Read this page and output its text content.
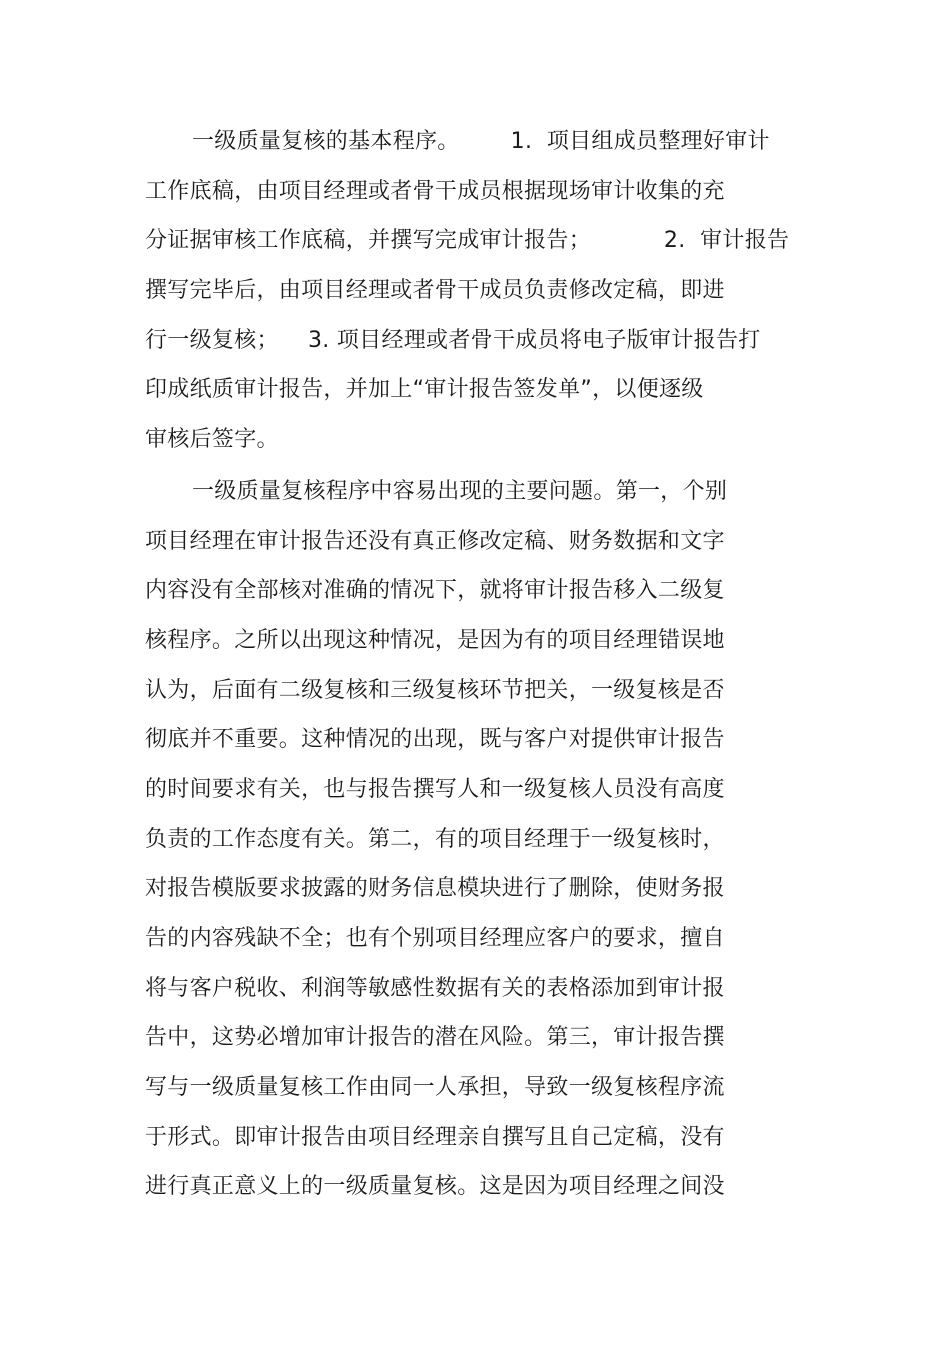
一级质量复核的基本程序。       1.  项目组成员整理好审计
工作底稿，由项目经理或者骨干成员根据现场审计收集的充
分证据审核工作底稿，并撰写完成审计报告；          2.  审计报告
撰写完毕后，由项目经理或者骨干成员负责修改定稿，即进
行一级复核；    3. 项目经理或者骨干成员将电子版审计报告打
印成纸质审计报告，并加上“审计报告签发单”，以便逐级
审核后签字。
一级质量复核程序中容易出现的主要问题。第一，个别
项目经理在审计报告还没有真正修改定稿、财务数据和文字
内容没有全部核对准确的情况下，就将审计报告移入二级复
核程序。之所以出现这种情况，是因为有的项目经理错误地
认为，后面有二级复核和三级复核环节把关，一级复核是否
彻底并不重要。这种情况的出现，既与客户对提供审计报告
的时间要求有关，也与报告撰写人和一级复核人员没有高度
负责的工作态度有关。第二，有的项目经理于一级复核时，
对报告模版要求披露的财务信息模块进行了删除，使财务报
告的内容残缺不全；也有个别项目经理应客户的要求，擅自
将与客户税收、利润等敏感性数据有关的表格添加到审计报
告中，这势必增加审计报告的潜在风险。第三，审计报告撰
写与一级质量复核工作由同一人承担，导致一级复核程序流
于形式。即审计报告由项目经理亲自撰写且自己定稿，没有
进行真正意义上的一级质量复核。这是因为项目经理之间没
